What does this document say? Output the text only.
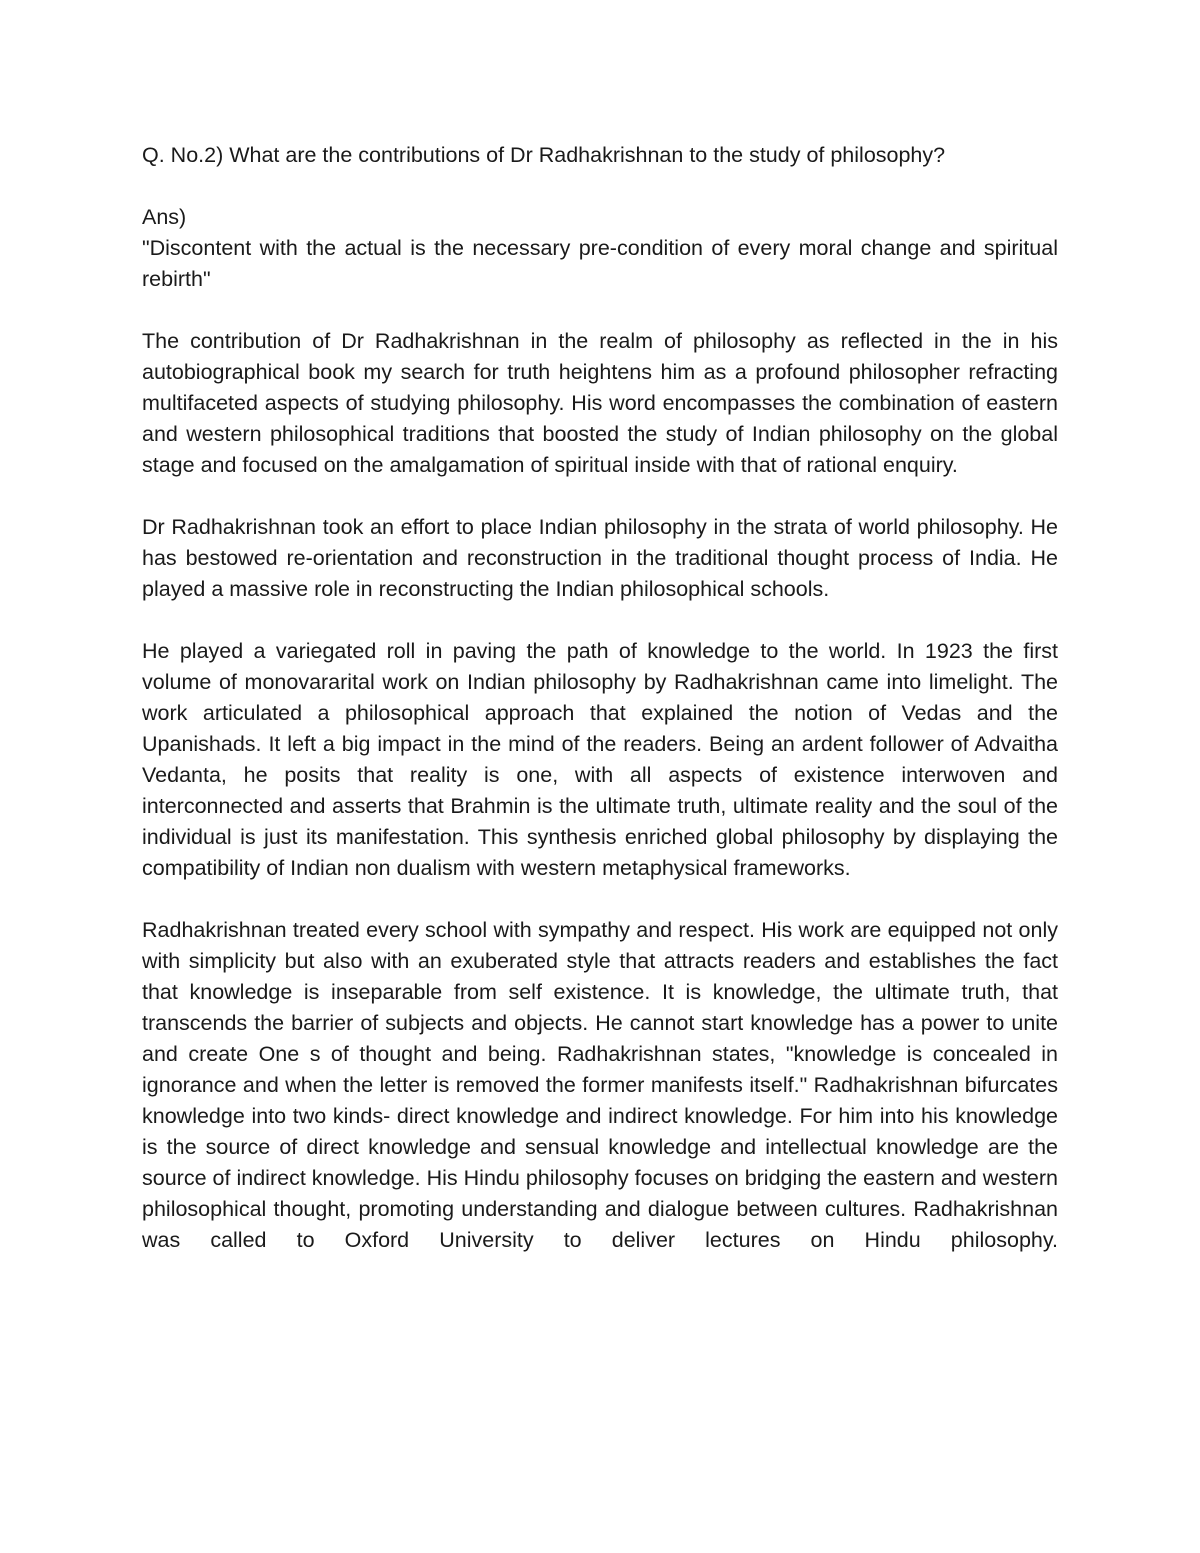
Q. No.2) What are the contributions of Dr Radhakrishnan to the study of philosophy?

Ans)

"Discontent with the actual is the necessary pre-condition of every moral change and spiritual rebirth"

The contribution of Dr Radhakrishnan in the realm of philosophy as reflected in the in his autobiographical book my search for truth heightens him as a profound philosopher refracting multifaceted aspects of studying philosophy. His word encompasses the combination of eastern and western philosophical traditions that boosted the study of Indian philosophy on the global stage and focused on the amalgamation of spiritual inside with that of rational enquiry.

Dr Radhakrishnan took an effort to place Indian philosophy in the strata of world philosophy. He has bestowed re-orientation and reconstruction in the traditional thought process of India. He played a massive role in reconstructing the Indian philosophical schools.

He played a variegated roll in paving the path of knowledge to the world. In 1923 the first volume of monovararital work on Indian philosophy by Radhakrishnan came into limelight. The work articulated a philosophical approach that explained the notion of Vedas and the Upanishads. It left a big impact in the mind of the readers. Being an ardent follower of Advaitha Vedanta, he posits that reality is one, with all aspects of existence interwoven and interconnected and asserts that Brahmin is the ultimate truth, ultimate reality and the soul of the individual is just its manifestation. This synthesis enriched global philosophy by displaying the compatibility of Indian non dualism with western metaphysical frameworks.

Radhakrishnan treated every school with sympathy and respect. His work are equipped not only with simplicity but also with an exuberated style that attracts readers and establishes the fact that knowledge is inseparable from self existence. It is knowledge, the ultimate truth, that transcends the barrier of subjects and objects. He cannot start knowledge has a power to unite and create One s of thought and being. Radhakrishnan states, "knowledge is concealed in ignorance and when the letter is removed the former manifests itself." Radhakrishnan bifurcates knowledge into two kinds- direct knowledge and indirect knowledge. For him into his knowledge is the source of direct knowledge and sensual knowledge and intellectual knowledge are the source of indirect knowledge. His Hindu philosophy focuses on bridging the eastern and western philosophical thought, promoting understanding and dialogue between cultures. Radhakrishnan was called to Oxford University to deliver lectures on Hindu philosophy.
